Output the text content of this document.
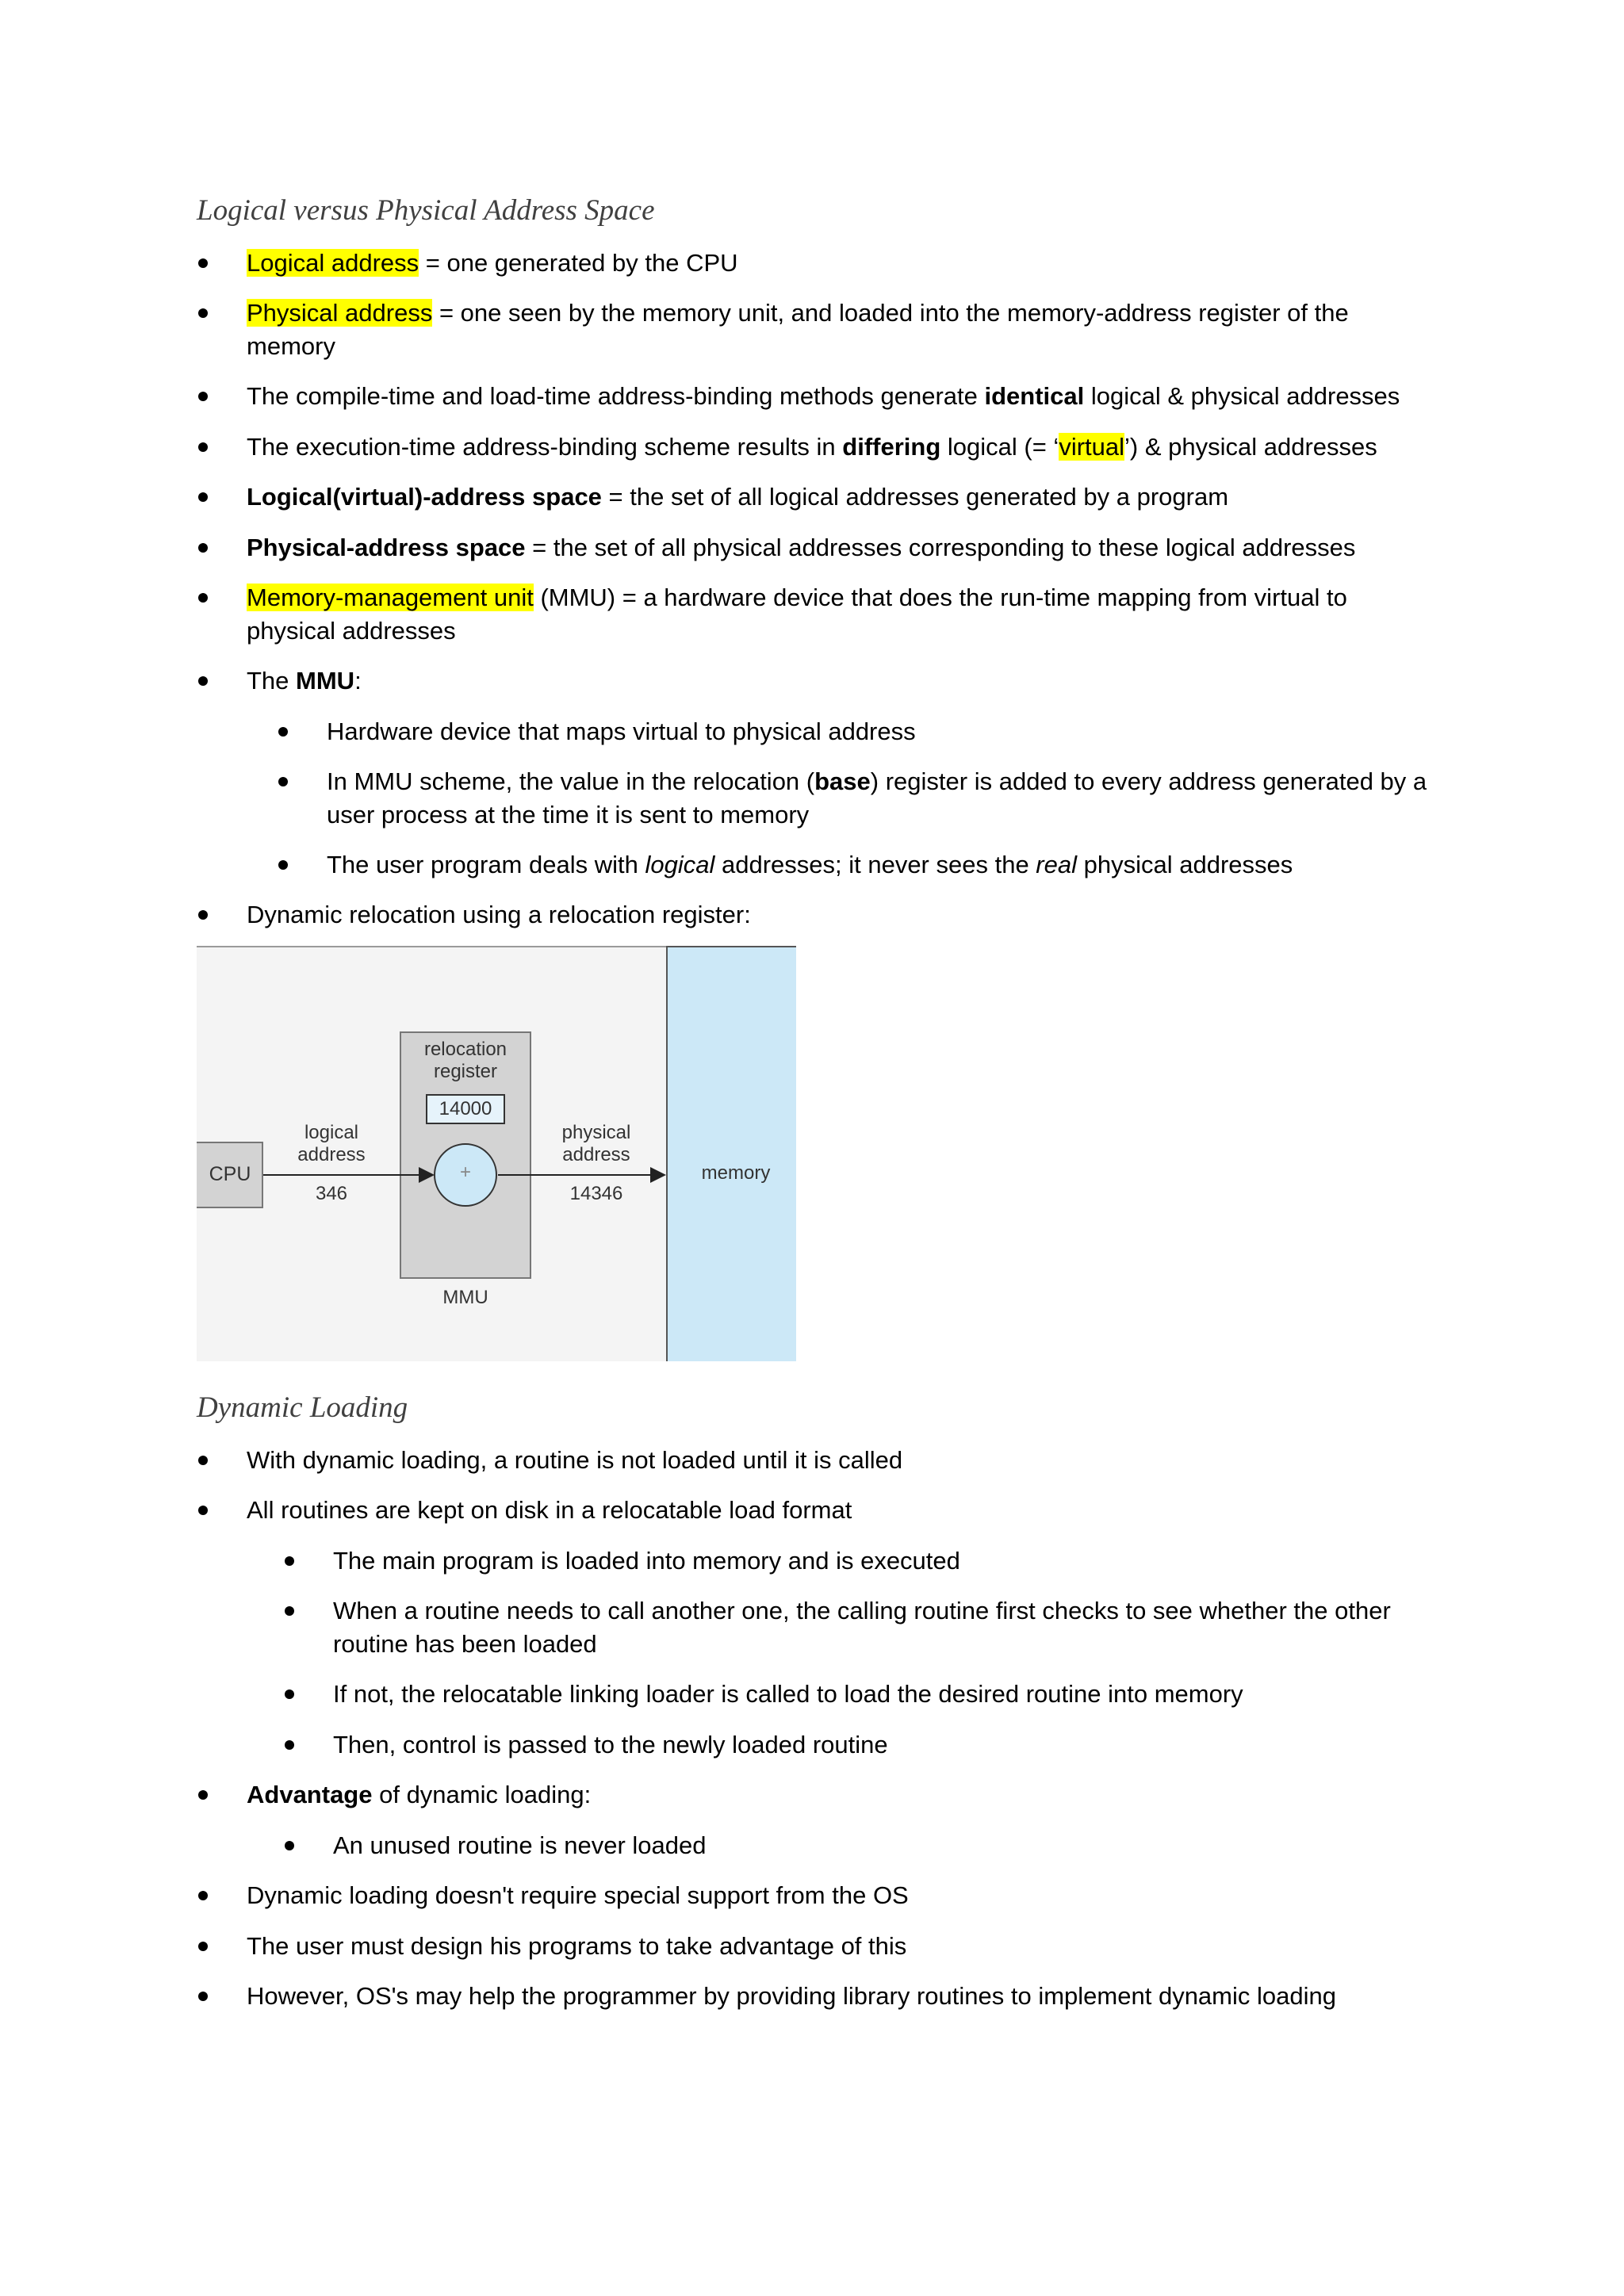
Logical versus Physical Address Space

Logical address = one generated by the CPU

Physical address = one seen by the memory unit, and loaded into the memory-address register of the memory

The compile-time and load-time address-binding methods generate identical logical & physical addresses

The execution-time address-binding scheme results in differing logical (= ‘virtual’) & physical addresses

Logical(virtual)-address space = the set of all logical addresses generated by a program

Physical-address space = the set of all physical addresses corresponding to these logical addresses

Memory-management unit (MMU) = a hardware device that does the run-time mapping from virtual to physical addresses

The MMU:

Hardware device that maps virtual to physical address

In MMU scheme, the value in the relocation (base) register is added to every address generated by a user process at the time it is sent to memory

The user program deals with logical addresses; it never sees the real physical addresses

Dynamic relocation using a relocation register:

memory
CPU
relocation
register
14000
MMU
+
logical
address
346
physical
address
14346
Dynamic Loading

With dynamic loading, a routine is not loaded until it is called

All routines are kept on disk in a relocatable load format

The main program is loaded into memory and is executed

When a routine needs to call another one, the calling routine first checks to see whether the other routine has been loaded

If not, the relocatable linking loader is called to load the desired routine into memory

Then, control is passed to the newly loaded routine

Advantage of dynamic loading:

An unused routine is never loaded

Dynamic loading doesn't require special support from the OS

The user must design his programs to take advantage of this

However, OS's may help the programmer by providing library routines to implement dynamic loading
